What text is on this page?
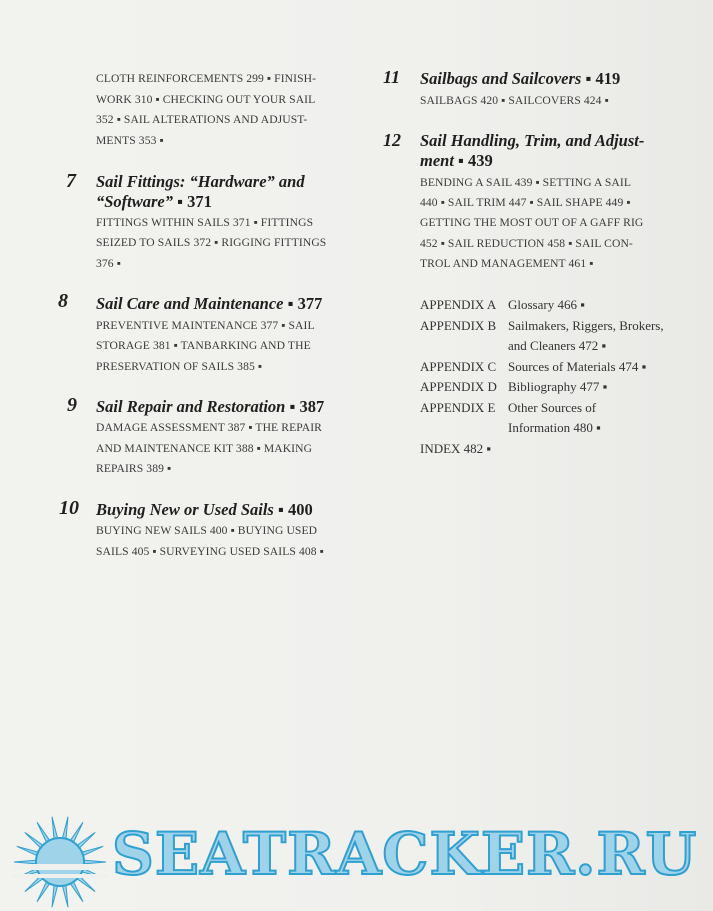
CLOTH REINFORCEMENTS 299 ▪ FINISH-
WORK 310 ▪ CHECKING OUT YOUR SAIL
352 ▪ SAIL ALTERATIONS AND ADJUST-
MENTS 353 ▪
7 Sail Fittings: “Hardware” and
“Software” ▪ 371
FITTINGS WITHIN SAILS 371 ▪ FITTINGS
SEIZED TO SAILS 372 ▪ RIGGING FITTINGS
376 ▪
8 Sail Care and Maintenance ▪ 377
PREVENTIVE MAINTENANCE 377 ▪ SAIL
STORAGE 381 ▪ TANBARKING AND THE
PRESERVATION OF SAILS 385 ▪
9 Sail Repair and Restoration ▪ 387
DAMAGE ASSESSMENT 387 ▪ THE REPAIR
AND MAINTENANCE KIT 388 ▪ MAKING
REPAIRS 389 ▪
10 Buying New or Used Sails ▪ 400
BUYING NEW SAILS 400 ▪ BUYING USED
SAILS 405 ▪ SURVEYING USED SAILS 408 ▪
11 Sailbags and Sailcovers ▪ 419
SAILBAGS 420 ▪ SAILCOVERS 424 ▪
12 Sail Handling, Trim, and Adjust-
ment ▪ 439
BENDING A SAIL 439 ▪ SETTING A SAIL
440 ▪ SAIL TRIM 447 ▪ SAIL SHAPE 449 ▪
GETTING THE MOST OUT OF A GAFF RIG
452 ▪ SAIL REDUCTION 458 ▪ SAIL CON-
TROL AND MANAGEMENT 461 ▪
APPENDIX A Glossary 466 ▪
APPENDIX B Sailmakers, Riggers, Brokers,
and Cleaners 472 ▪
APPENDIX C Sources of Materials 474 ▪
APPENDIX D Bibliography 477 ▪
APPENDIX E Other Sources of
Information 480 ▪
INDEX 482 ▪
SEATRACKER.RU
